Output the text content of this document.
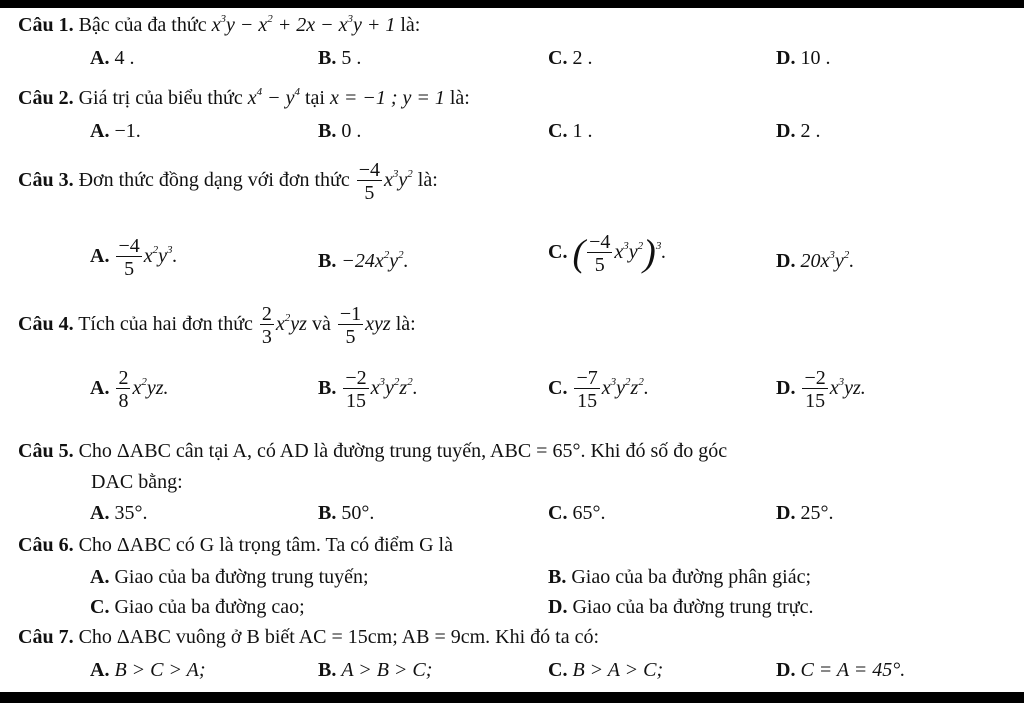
Câu 1. Bậc của đa thức $x^3y - x^2 + 2x - x^3y + 1$ là:
A. 4 .	B. 5 .	C. 2 .	D. 10 .
Câu 2. Giá trị của biểu thức $x^4 - y^4$ tại x = −1 ; y = 1 là:
A. −1.	B. 0 .	C. 1 .	D. 2 .
Câu 3. Đơn thức đồng dạng với đơn thức $\frac{-4}{5} x^3y^2$ là:
A. $\frac{-4}{5} x^2y^3$.	B. $-24x^2y^2$.	C. ( $\frac{-4}{5} x^3y^2)^3$.	D. $20x^3y^2$.
Câu 4. Tích của hai đơn thức $\frac{2}{3} x^2yz$ và $\frac{-1}{5}$ xyz là:
A. $\frac{2}{8} x^2yz$.	B. $\frac{-2}{15} x^3y^2z^2$.	C. $\frac{-7}{15} x^3y^2z^2$.	D. $\frac{-2}{15} x^3yz$.
Câu 5. Cho ΔABC cân tại A, có AD là đường trung tuyến, ABC = 65°. Khi đó số đo góc
DAC bằng:
A. 35°.	B. 50°.	C. 65°.	D. 25°.
Câu 6. Cho ΔABC có G là trọng tâm. Ta có điểm G là
A. Giao của ba đường trung tuyến;	B. Giao của ba đường phân giác;
C. Giao của ba đường cao;	D. Giao của ba đường trung trực.
Câu 7. Cho ΔABC vuông ở B biết AC = 15cm; AB = 9cm. Khi đó ta có:
A. B > C > A;	B. A > B > C;	C. B > A > C;	D. C = A = 45°.
